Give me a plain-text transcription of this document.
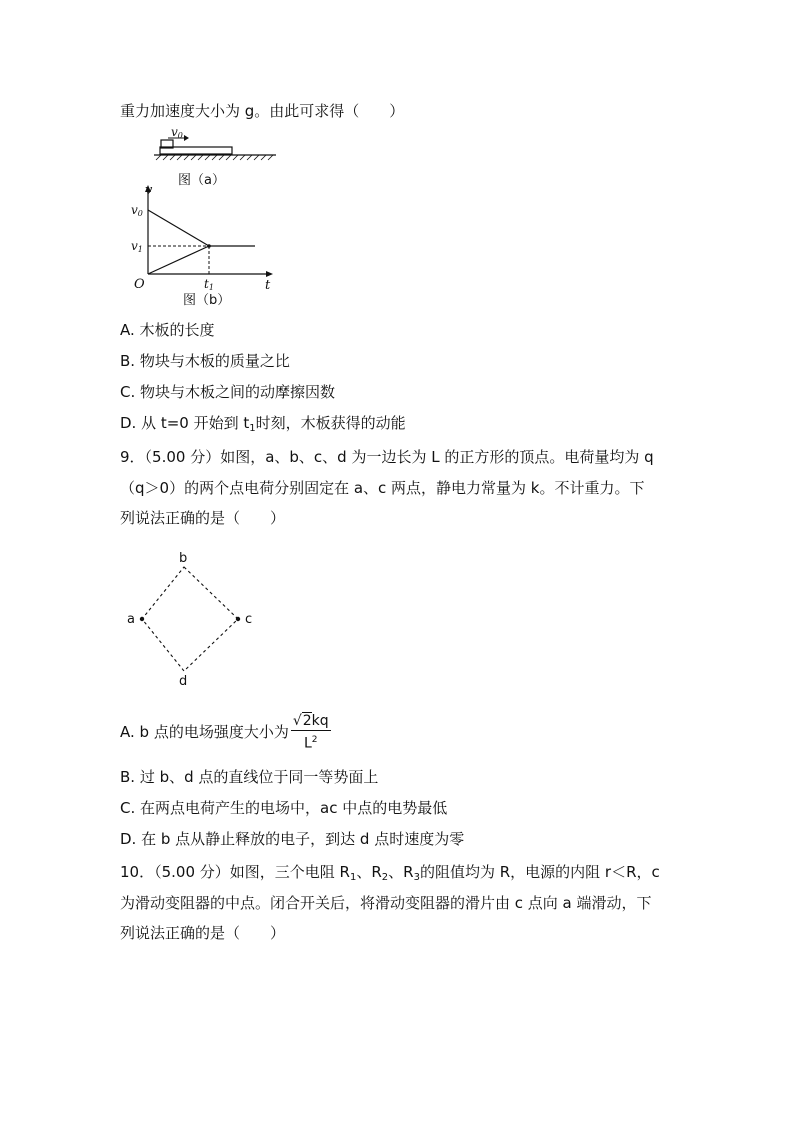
重力加速度大小为 g。由此可求得（　　）
v0
图（a）
v
t
O
v0
v1
t1
图（b）
A. 木板的长度
B. 物块与木板的质量之比
C. 物块与木板之间的动摩擦因数
D. 从 t=0 开始到 $t_1$时刻，木板获得的动能
9．（5.00 分）如图，a、b、c、d 为一边长为 L 的正方形的顶点。电荷量均为 q
（q＞0）的两个点电荷分别固定在 a、c 两点，静电力常量为 k。不计重力。下
列说法正确的是（　　）
b
a	c
d
A. b 点的电场强度大小为 $\frac{√2kq}{L^2}$
B. 过 b、d 点的直线位于同一等势面上
C. 在两点电荷产生的电场中，ac 中点的电势最低
D. 在 b 点从静止释放的电子，到达 d 点时速度为零
10．（5.00 分）如图，三个电阻 $R_1$、$R_2$、$R_3$的阻值均为 R，电源的内阻 r＜R，c
为滑动变阻器的中点。闭合开关后，将滑动变阻器的滑片由 c 点向 a 端滑动，下
列说法正确的是（　　）
